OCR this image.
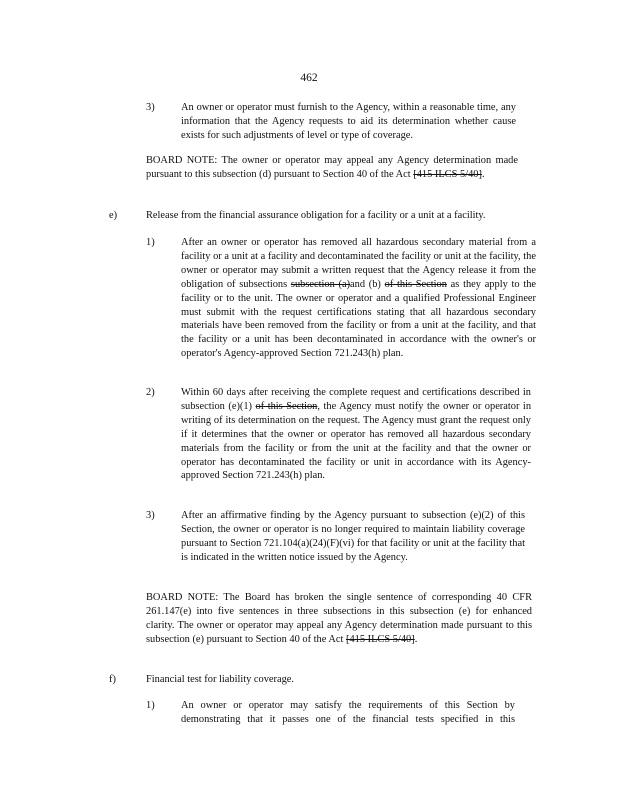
462
3)	An owner or operator must furnish to the Agency, within a reasonable time, any information that the Agency requests to aid its determination whether cause exists for such adjustments of level or type of coverage.
BOARD NOTE: The owner or operator may appeal any Agency determination made pursuant to this subsection (d) pursuant to Section 40 of the Act [415 ILCS 5/40].
e)	Release from the financial assurance obligation for a facility or a unit at a facility.
1)	After an owner or operator has removed all hazardous secondary material from a facility or a unit at a facility and decontaminated the facility or unit at the facility, the owner or operator may submit a written request that the Agency release it from the obligation of subsections subsection (a)and (b) of this Section as they apply to the facility or to the unit. The owner or operator and a qualified Professional Engineer must submit with the request certifications stating that all hazardous secondary materials have been removed from the facility or from a unit at the facility, and that the facility or a unit has been decontaminated in accordance with the owner's or operator's Agency-approved Section 721.243(h) plan.
2)	Within 60 days after receiving the complete request and certifications described in subsection (e)(1) of this Section, the Agency must notify the owner or operator in writing of its determination on the request. The Agency must grant the request only if it determines that the owner or operator has removed all hazardous secondary materials from the facility or from the unit at the facility and that the owner or operator has decontaminated the facility or unit in accordance with its Agency-approved Section 721.243(h) plan.
3)	After an affirmative finding by the Agency pursuant to subsection (e)(2) of this Section, the owner or operator is no longer required to maintain liability coverage pursuant to Section 721.104(a)(24)(F)(vi) for that facility or unit at the facility that is indicated in the written notice issued by the Agency.
BOARD NOTE: The Board has broken the single sentence of corresponding 40 CFR 261.147(e) into five sentences in three subsections in this subsection (e) for enhanced clarity. The owner or operator may appeal any Agency determination made pursuant to this subsection (e) pursuant to Section 40 of the Act [415 ILCS 5/40].
f)	Financial test for liability coverage.
1)	An owner or operator may satisfy the requirements of this Section by demonstrating that it passes one of the financial tests specified in this
